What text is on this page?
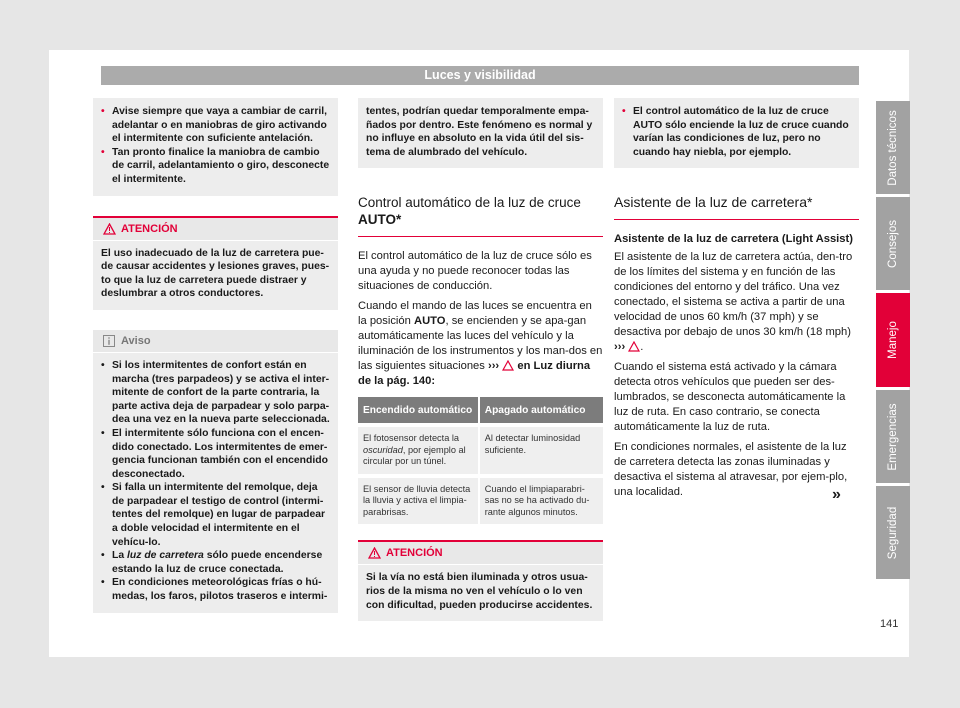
Luces y visibilidad
• Avise siempre que vaya a cambiar de carril, adelantar o en maniobras de giro activando el intermitente con suficiente antelación.
• Tan pronto finalice la maniobra de cambio de carril, adelantamiento o giro, desconecte el intermitente.
ATENCIÓN

El uso inadecuado de la luz de carretera pue-de causar accidentes y lesiones graves, pues-to que la luz de carretera puede distraer y deslumbrar a otros conductores.

Aviso
• Si los intermitentes de confort están en marcha (tres parpadeos) y se activa el inter-mitente de confort de la parte contraria, la parte activa deja de parpadear y solo parpa-dea una vez en la nueva parte seleccionada.
• El intermitente sólo funciona con el encen-dido conectado. Los intermitentes de emer-gencia funcionan también con el encendido desconectado.
• Si falla un intermitente del remolque, deja de parpadear el testigo de control (intermi-tentes del remolque) en lugar de parpadear a doble velocidad el intermitente en el vehícu-lo.
• La luz de carretera sólo puede encenderse estando la luz de cruce conectada.
• En condiciones meteorológicas frías o hú-medas, los faros, pilotos traseros e intermi-

tentes, podrían quedar temporalmente empa-ñados por dentro. Este fenómeno es normal y no influye en absoluto en la vida útil del sis-tema de alumbrado del vehículo.

Control automático de la luz de cruce
AUTO*

El control automático de la luz de cruce sólo es una ayuda y no puede reconocer todas las situaciones de conducción.

Cuando el mando de las luces se encuentra en la posición AUTO, se encienden y se apa-gan automáticamente las luces del vehículo y la iluminación de los instrumentos y los man-dos en las siguientes situaciones ›››  en Luz diurna de la pág. 140:

Encendido automático	Apagado automático

El fotosensor detecta la oscuridad, por ejemplo al circular por un túnel.	Al detectar luminosidad suficiente.

El sensor de lluvia detecta la lluvia y activa el limpia-parabrisas.	Cuando el limpiaparabri-sas no se ha activado du-rante algunos minutos.
ATENCIÓN

Si la vía no está bien iluminada y otros usua-rios de la misma no ven el vehículo o lo ven con dificultad, pueden producirse accidentes.

• El control automático de la luz de cruce AUTO sólo enciende la luz de cruce cuando varían las condiciones de luz, pero no cuando hay niebla, por ejemplo.
Asistente de la luz de carretera*

Asistente de la luz de carretera (Light Assist)

El asistente de la luz de carretera actúa, den-tro de los límites del sistema y en función de las condiciones del entorno y del tráfico. Una vez conectado, el sistema se activa a partir de una velocidad de unos 60 km/h (37 mph) y se desactiva por debajo de unos 30 km/h (18 mph) ››› .

Cuando el sistema está activado y la cámara detecta otros vehículos que pueden ser des-lumbrados, se desconecta automáticamente la luz de ruta. En caso contrario, se conecta automáticamente la luz de ruta.

En condiciones normales, el asistente de la luz de carretera detecta las zonas iluminadas y desactiva el sistema al atravesar, por ejem-plo, una localidad.	»
Datos técnicos
Consejos
Manejo
Emergencias
Seguridad
141
